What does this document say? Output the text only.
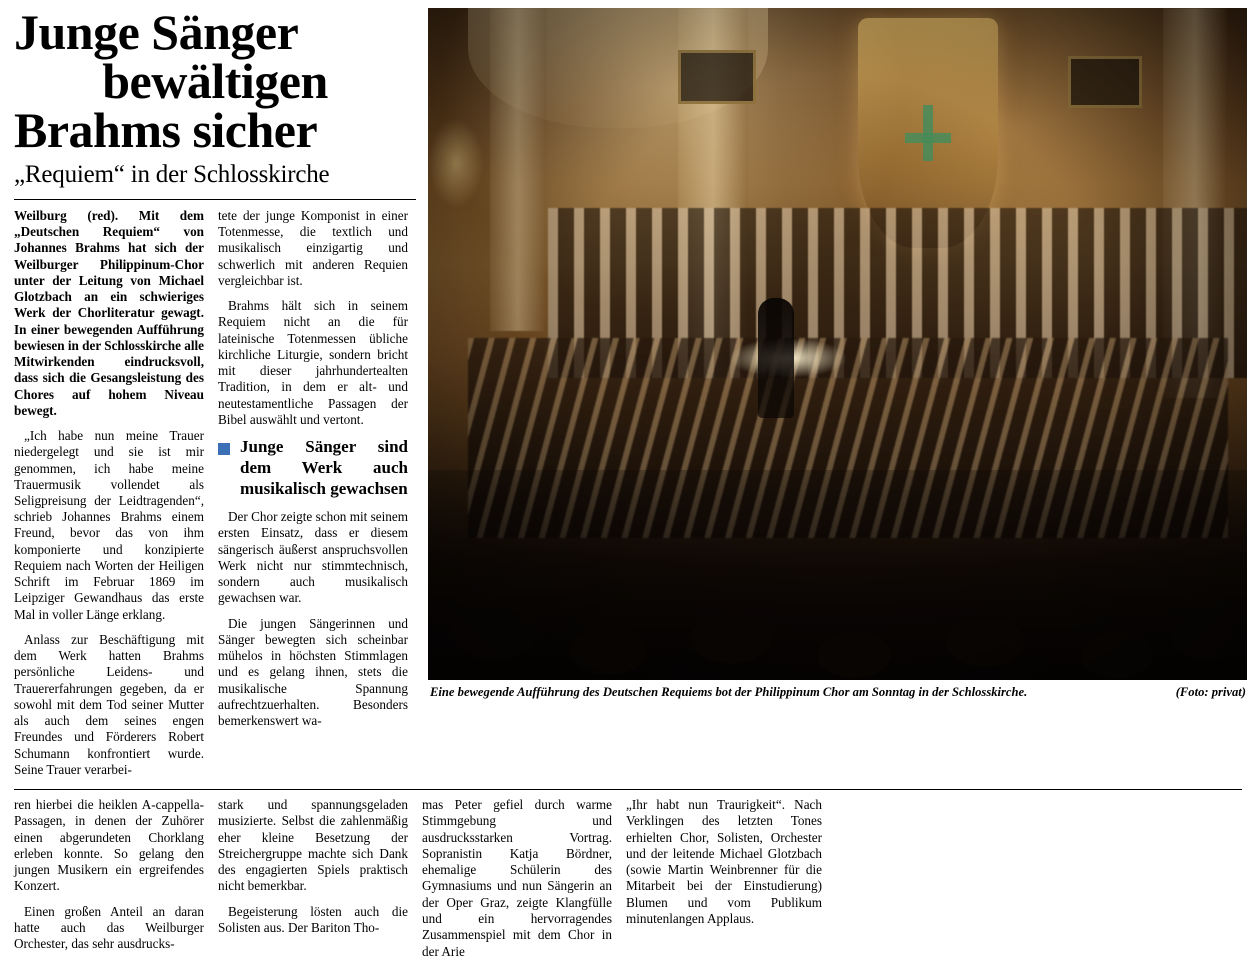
Junge Sänger
bewältigen
Brahms sicher
„Requiem“ in der Schlosskirche

Weilburg (red). Mit dem „Deutschen Requiem“ von Johannes Brahms hat sich der Weilburger Philippinum-Chor unter der Leitung von Michael Glotzbach an ein schwieriges Werk der Chorliteratur gewagt. In einer bewegenden Aufführung bewiesen in der Schlosskirche alle Mitwirkenden eindrucksvoll, dass sich die Gesangsleistung des Chores auf hohem Niveau bewegt.

„Ich habe nun meine Trauer niedergelegt und sie ist mir genommen, ich habe meine Trauermusik vollendet als Seligpreisung der Leidtragenden“, schrieb Johannes Brahms einem Freund, bevor das von ihm komponierte und konzipierte Requiem nach Worten der Heiligen Schrift im Februar 1869 im Leipziger Gewandhaus das erste Mal in voller Länge erklang.

Anlass zur Beschäftigung mit dem Werk hatten Brahms persönliche Leidens- und Trauererfahrungen gegeben, da er sowohl mit dem Tod seiner Mutter als auch dem seines engen Freundes und Förderers Robert Schumann konfrontiert wurde. Seine Trauer verarbei-

tete der junge Komponist in einer Totenmesse, die textlich und musikalisch einzigartig und schwerlich mit anderen Requien vergleichbar ist.

Brahms hält sich in seinem Requiem nicht an die für lateinische Totenmessen übliche kirchliche Liturgie, sondern bricht mit dieser jahrhundertealten Tradition, in dem er alt- und neutestamentliche Passagen der Bibel auswählt und vertont.

Junge Sänger sind dem Werk auch musikalisch gewachsen

Der Chor zeigte schon mit seinem ersten Einsatz, dass er diesem sängerisch äußerst anspruchsvollen Werk nicht nur stimmtechnisch, sondern auch musikalisch gewachsen war.

Die jungen Sängerinnen und Sänger bewegten sich scheinbar mühelos in höchsten Stimmlagen und es gelang ihnen, stets die musikalische Spannung aufrechtzuerhalten. Besonders bemerkenswert wa-

Eine bewegende Aufführung des Deutschen Requiems bot der Philippinum Chor am Sonntag in der Schlosskirche.	(Foto: privat)

ren hierbei die heiklen A-cappella-Passagen, in denen der Zuhörer einen abgerundeten Chorklang erleben konnte. So gelang den jungen Musikern ein ergreifendes Konzert.

Einen großen Anteil an daran hatte auch das Weilburger Orchester, das sehr ausdrucks-

stark und spannungsgeladen musizierte. Selbst die zahlenmäßig eher kleine Besetzung der Streichergruppe machte sich Dank des engagierten Spiels praktisch nicht bemerkbar.

Begeisterung lösten auch die Solisten aus. Der Bariton Tho-

mas Peter gefiel durch warme Stimmgebung und ausdrucksstarken Vortrag. Sopranistin Katja Bördner, ehemalige Schülerin des Gymnasiums und nun Sängerin an der Oper Graz, zeigte Klangfülle und ein hervorragendes Zusammenspiel mit dem Chor in der Arie

„Ihr habt nun Traurigkeit“. Nach Verklingen des letzten Tones erhielten Chor, Solisten, Orchester und der leitende Michael Glotzbach (sowie Martin Weinbrenner für die Mitarbeit bei der Einstudierung) Blumen und vom Publikum minutenlangen Applaus.
